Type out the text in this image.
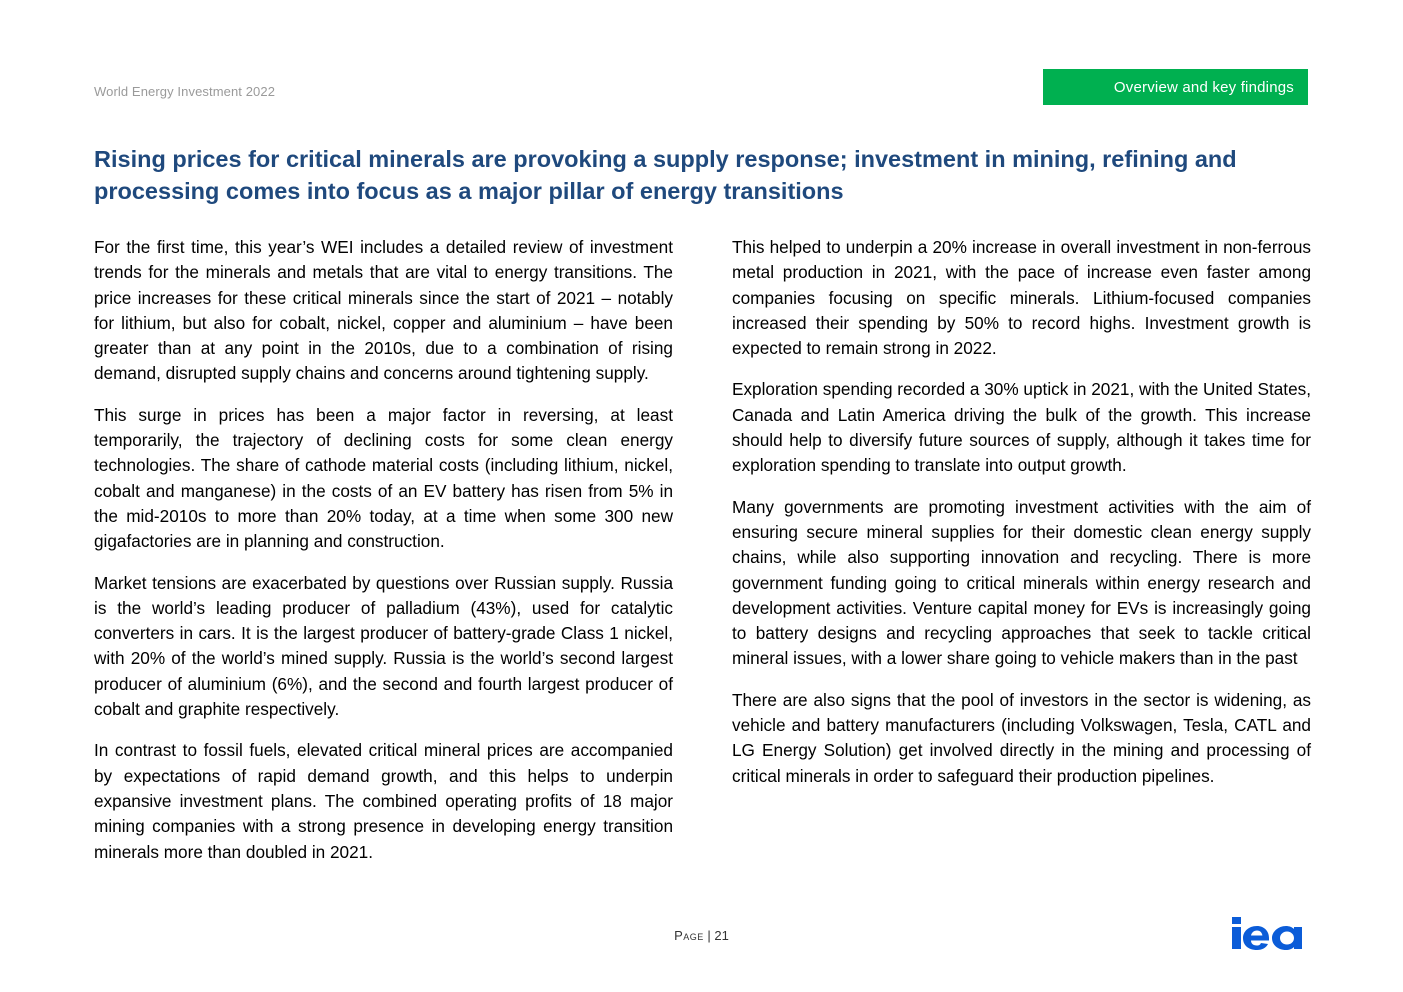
World Energy Investment 2022	Overview and key findings
Rising prices for critical minerals are provoking a supply response; investment in mining, refining and processing comes into focus as a major pillar of energy transitions

For the first time, this year’s WEI includes a detailed review of investment trends for the minerals and metals that are vital to energy transitions. The price increases for these critical minerals since the start of 2021 – notably for lithium, but also for cobalt, nickel, copper and aluminium – have been greater than at any point in the 2010s, due to a combination of rising demand, disrupted supply chains and concerns around tightening supply.

This surge in prices has been a major factor in reversing, at least temporarily, the trajectory of declining costs for some clean energy technologies. The share of cathode material costs (including lithium, nickel, cobalt and manganese) in the costs of an EV battery has risen from 5% in the mid-2010s to more than 20% today, at a time when some 300 new gigafactories are in planning and construction.

Market tensions are exacerbated by questions over Russian supply. Russia is the world’s leading producer of palladium (43%), used for catalytic converters in cars. It is the largest producer of battery-grade Class 1 nickel, with 20% of the world’s mined supply. Russia is the world’s second largest producer of aluminium (6%), and the second and fourth largest producer of cobalt and graphite respectively.

In contrast to fossil fuels, elevated critical mineral prices are accompanied by expectations of rapid demand growth, and this helps to underpin expansive investment plans. The combined operating profits of 18 major mining companies with a strong presence in developing energy transition minerals more than doubled in 2021.

This helped to underpin a 20% increase in overall investment in non-ferrous metal production in 2021, with the pace of increase even faster among companies focusing on specific minerals. Lithium-focused companies increased their spending by 50% to record highs. Investment growth is expected to remain strong in 2022.

Exploration spending recorded a 30% uptick in 2021, with the United States, Canada and Latin America driving the bulk of the growth. This increase should help to diversify future sources of supply, although it takes time for exploration spending to translate into output growth.

Many governments are promoting investment activities with the aim of ensuring secure mineral supplies for their domestic clean energy supply chains, while also supporting innovation and recycling. There is more government funding going to critical minerals within energy research and development activities. Venture capital money for EVs is increasingly going to battery designs and recycling approaches that seek to tackle critical mineral issues, with a lower share going to vehicle makers than in the past

There are also signs that the pool of investors in the sector is widening, as vehicle and battery manufacturers (including Volkswagen, Tesla, CATL and LG Energy Solution) get involved directly in the mining and processing of critical minerals in order to safeguard their production pipelines.

Page | 21
